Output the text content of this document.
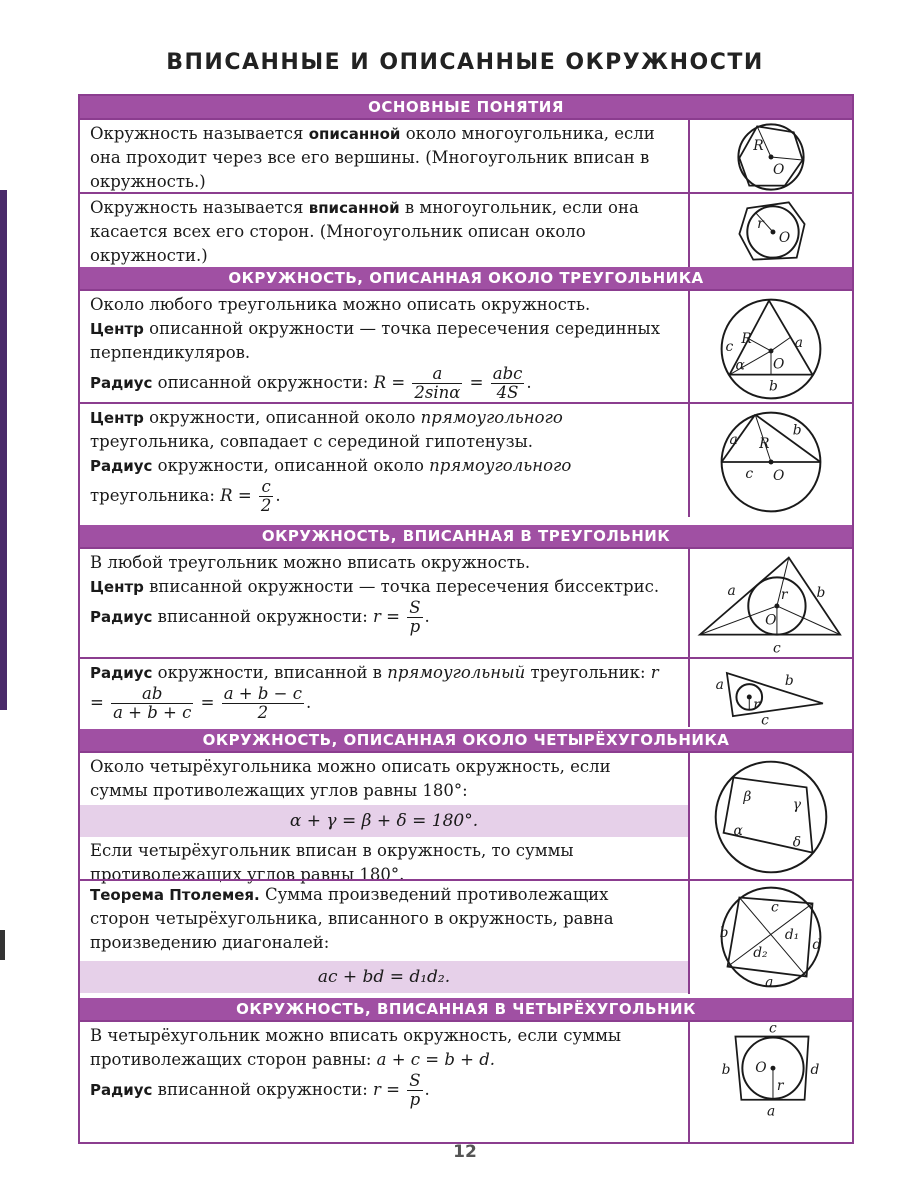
ВПИСАННЫЕ И ОПИСАННЫЕ ОКРУЖНОСТИ
ОСНОВНЫЕ ПОНЯТИЯ
Окружность называется описанной около многоугольника, если она проходит через все его вершины. (Многоугольник вписан в окружность.)
R
O
Окружность называется вписанной в многоугольник, если она касается всех его сторон. (Многоугольник описан около окружности.)
r
O
ОКРУЖНОСТЬ, ОПИСАННАЯ ОКОЛО ТРЕУГОЛЬНИКА
Около любого треугольника можно описать окружность.
Центр описанной окружности — точка пересечения серединных перпендикуляров.
Радиус описанной окружности: $R = \frac{a}{2\sin\alpha} = \frac{\text{abc}}{4S}$ .
R
c	a
O
b
α
Центр окружности, описанной около прямоугольного треугольника, совпадает с серединой гипотенузы.
Радиус окружности, описанной около прямоугольного треугольника: $R = \frac{c}{2}$ .
a
b
R
c O
ОКРУЖНОСТЬ, ВПИСАННАЯ В ТРЕУГОЛЬНИК
В любой треугольник можно вписать окружность.
Центр вписанной окружности — точка пересечения биссектрис.
Радиус вписанной окружности: $r = \frac{S}{p}$ .
a	b
c
r
O
Радиус окружности, вписанной в прямоугольный треугольник: $r = \frac{ab}{a + b + c} = \frac{a + b - c}{2}$ .
a	b
c
r
ОКРУЖНОСТЬ, ОПИСАННАЯ ОКОЛО ЧЕТЫРЁХУГОЛЬНИКА
Около четырёхугольника можно описать окружность, если суммы противолежащих углов равны 180°:
α + γ = β + δ = 180°.
Если четырёхугольник вписан в окружность, то суммы противолежащих углов равны 180°.
β	γ
α
δ
Теорема Птолемея. Сумма произведений противолежащих сторон четырёхугольника, вписанного в окружность, равна произведению диагоналей:
ac + bd = d₁d₂.
c
b
d
a
d₁
d₂
ОКРУЖНОСТЬ, ВПИСАННАЯ В ЧЕТЫРЁХУГОЛЬНИК
В четырёхугольник можно вписать окружность, если суммы противолежащих сторон равны: a + c = b + d.
Радиус вписанной окружности: $r = \frac{S}{p}$ .
c
b	d
O
r
a
12
